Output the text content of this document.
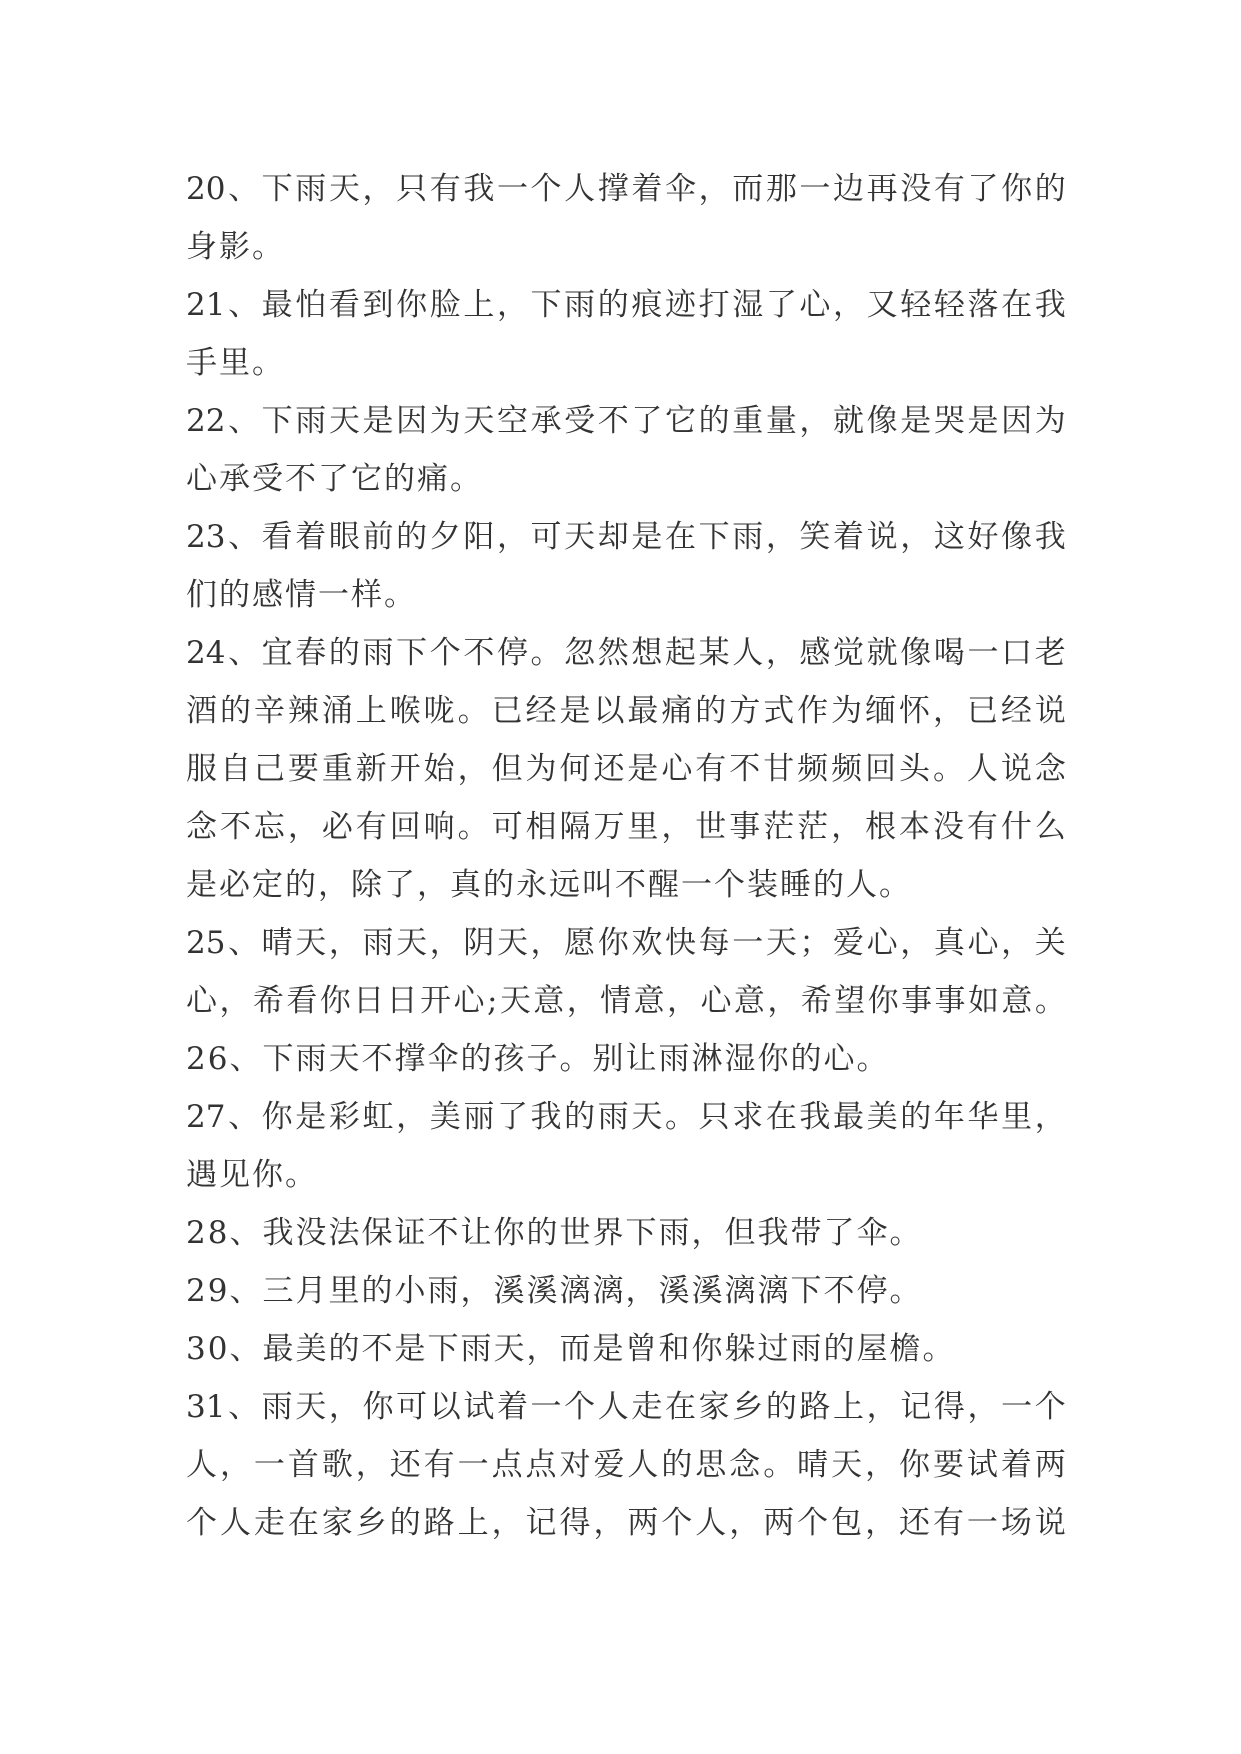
20 、 下 雨 天 ， 只 有 我 一 个 人 撑 着 伞 ， 而 那 一 边 再 没 有 了 你 的
身影。
21 、 最 怕 看 到 你 脸 上 ， 下 雨 的 痕 迹 打 湿 了 心 ， 又 轻 轻 落 在 我
手里。
22 、 下 雨 天 是 因 为 天 空 承 受 不 了 它 的 重 量 ， 就 像 是 哭 是 因 为
心承受不了它的痛。
23 、 看 着 眼 前 的 夕 阳 ， 可 天 却 是 在 下 雨 ， 笑 着 说 ， 这 好 像 我
们的感情一样。
24 、 宜 春 的 雨 下 个 不 停 。 忽 然 想 起 某 人 ， 感 觉 就 像 喝 一 口 老
酒 的 辛 辣 涌 上 喉 咙 。 已 经 是 以 最 痛 的 方 式 作 为 缅 怀 ， 已 经 说
服 自 己 要 重 新 开 始 ， 但 为 何 还 是 心 有 不 甘 频 频 回 头 。 人 说 念
念 不 忘 ， 必 有 回 响 。 可 相 隔 万 里 ， 世 事 茫 茫 ， 根 本 没 有 什 么
是必定的，除了，真的永远叫不醒一个装睡的人。
25 、 晴 天 ， 雨 天 ， 阴 天 ， 愿 你 欢 快 每 一 天 ； 爱 心 ， 真 心 ， 关
心 ， 希 看 你 日 日 开 心 ; 天 意 ， 情 意 ， 心 意 ， 希 望 你 事 事 如 意 。
26、下雨天不撑伞的孩子。别让雨淋湿你的心。
27 、 你 是 彩 虹 ， 美 丽 了 我 的 雨 天 。 只 求 在 我 最 美 的 年 华 里 ，
遇见你。
28、我没法保证不让你的世界下雨，但我带了伞。
29、三月里的小雨，溪溪漓漓，溪溪漓漓下不停。
30、最美的不是下雨天，而是曾和你躲过雨的屋檐。
31 、 雨 天 ， 你 可 以 试 着 一 个 人 走 在 家 乡 的 路 上 ， 记 得 ， 一 个
人 ， 一 首 歌 ， 还 有 一 点 点 对 爱 人 的 思 念 。 晴 天 ， 你 要 试 着 两
个 人 走 在 家 乡 的 路 上 ， 记 得 ， 两 个 人 ， 两 个 包 ， 还 有 一 场 说
